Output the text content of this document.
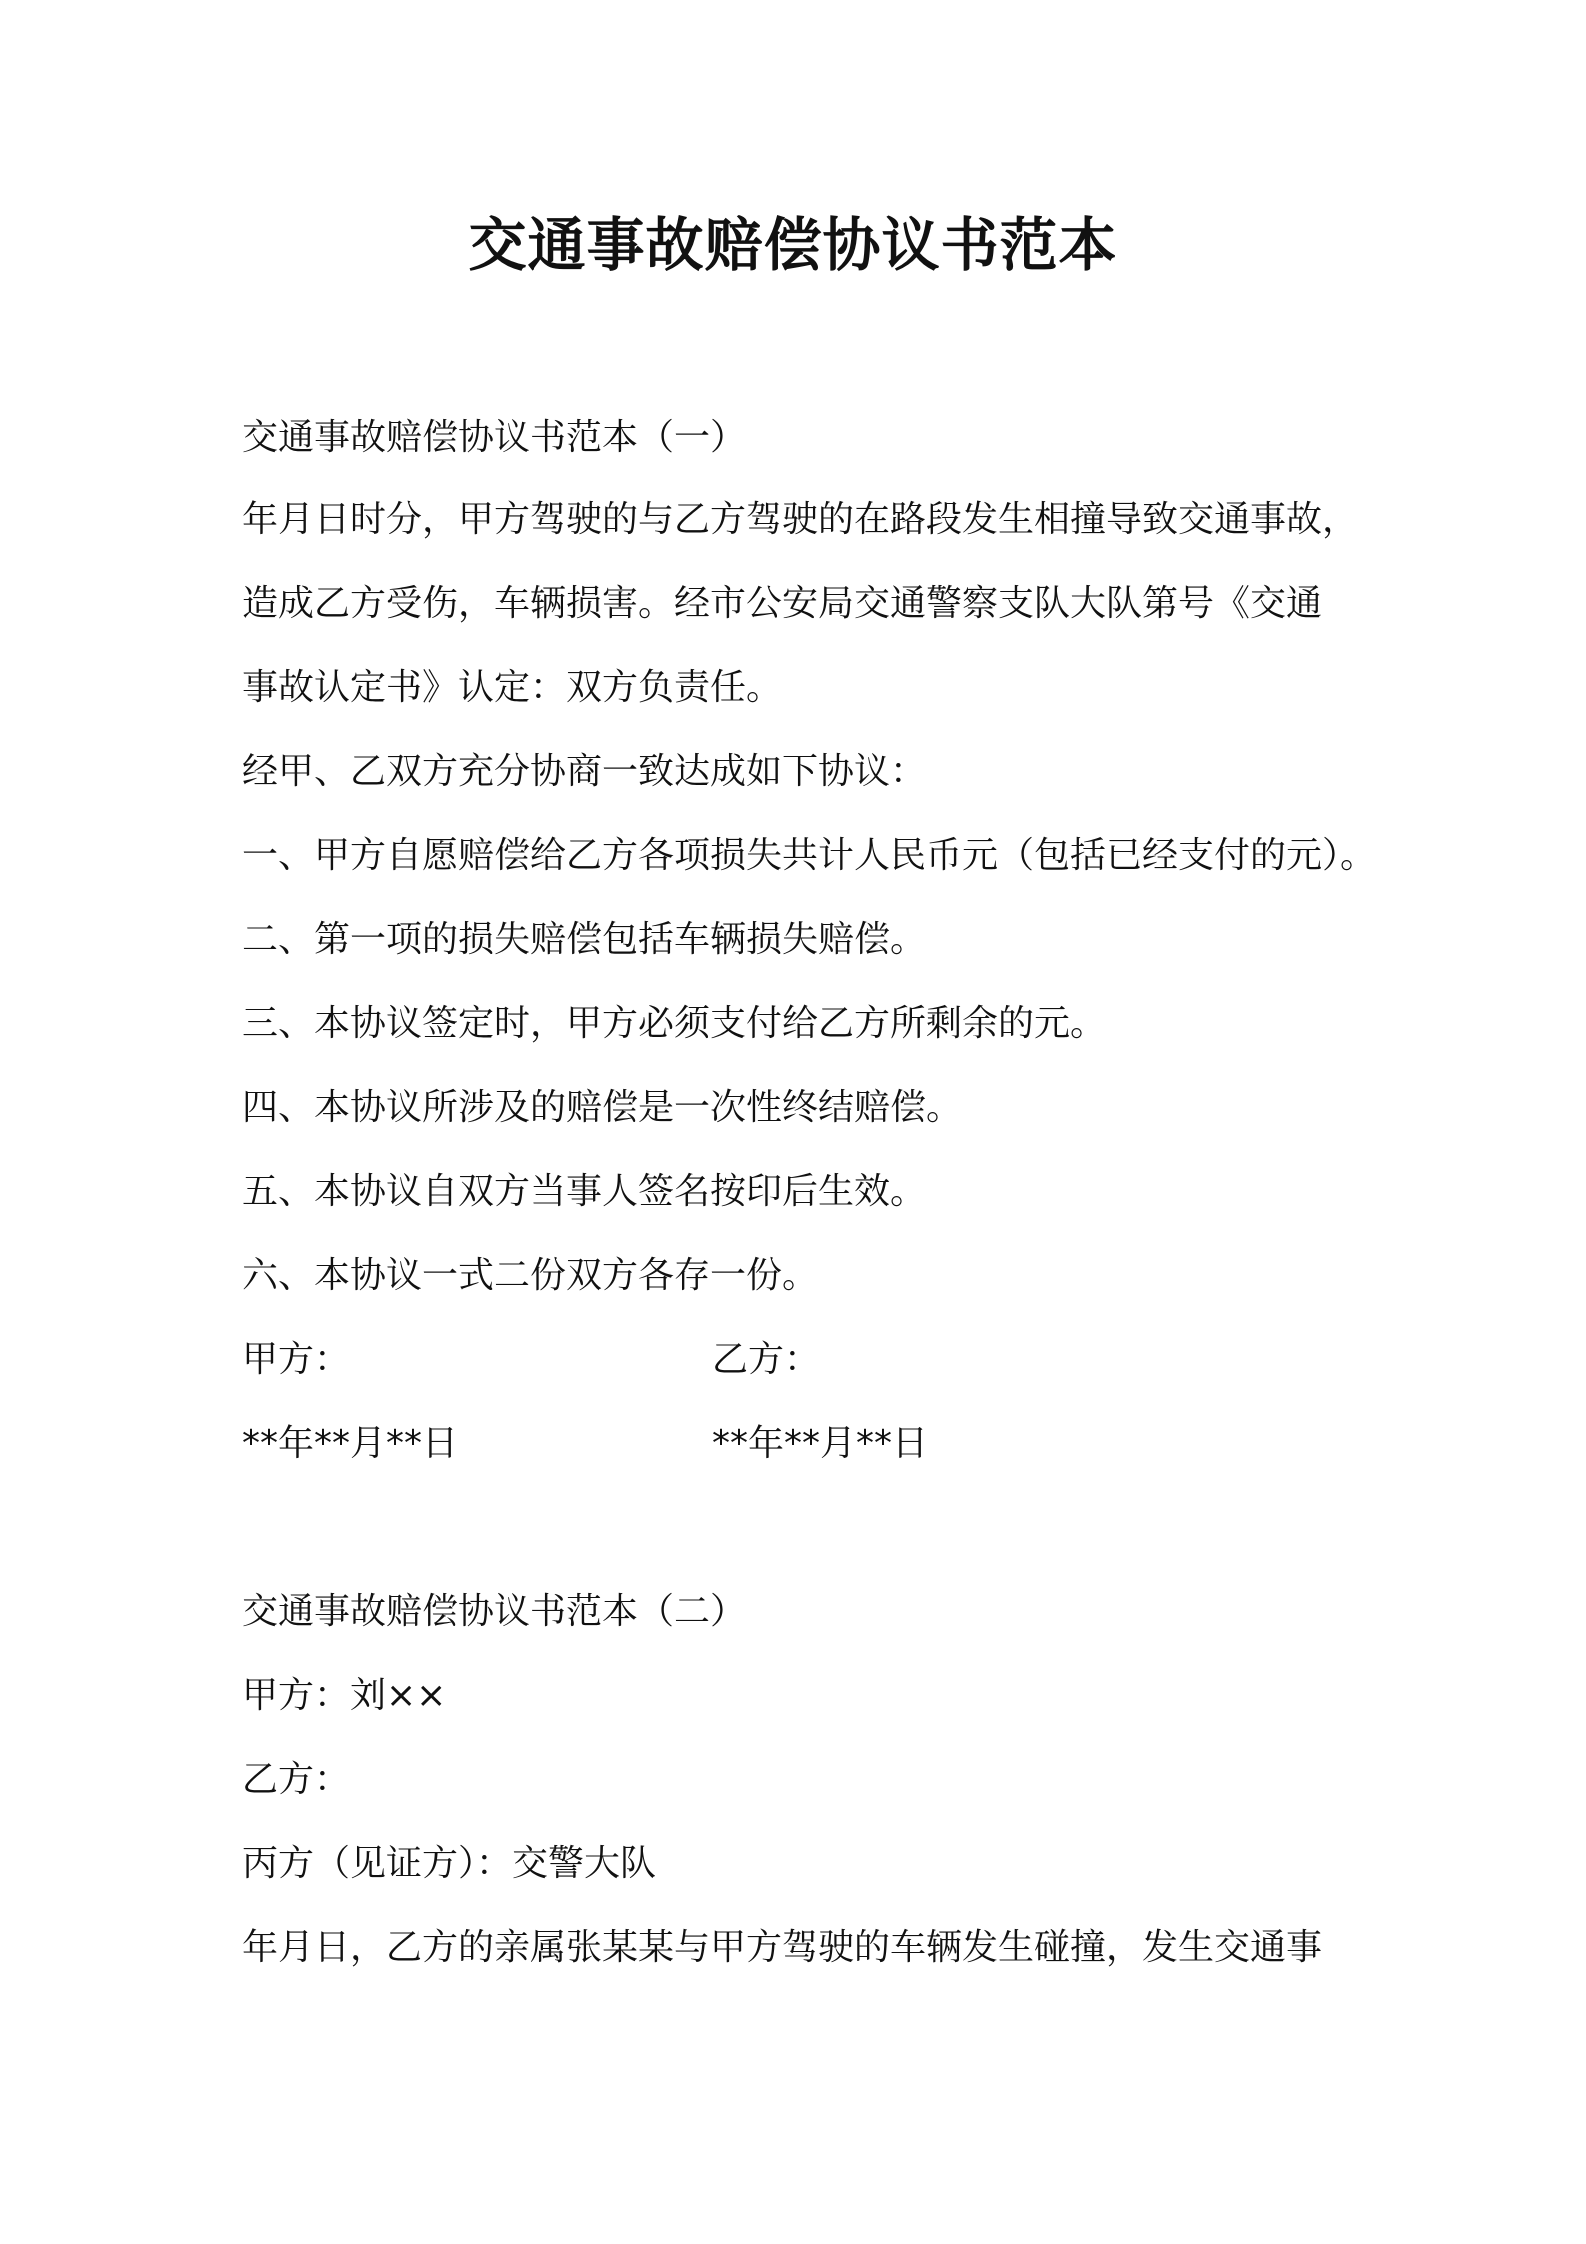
交通事故赔偿协议书范本
交通事故赔偿协议书范本（一）
年月日时分，甲方驾驶的与乙方驾驶的在路段发生相撞导致交通事故，
造成乙方受伤，车辆损害。经市公安局交通警察支队大队第号《交通
事故认定书》认定：双方负责任。
经甲、乙双方充分协商一致达成如下协议：
一、甲方自愿赔偿给乙方各项损失共计人民币元（包括已经支付的元）。
二、第一项的损失赔偿包括车辆损失赔偿。
三、本协议签定时，甲方必须支付给乙方所剩余的元。
四、本协议所涉及的赔偿是一次性终结赔偿。
五、本协议自双方当事人签名按印后生效。
六、本协议一式二份双方各存一份。
甲方：	乙方：
**年**月**日	**年**月**日
交通事故赔偿协议书范本（二）
甲方：刘××
乙方：
丙方（见证方）：交警大队
年月日，乙方的亲属张某某与甲方驾驶的车辆发生碰撞，发生交通事
